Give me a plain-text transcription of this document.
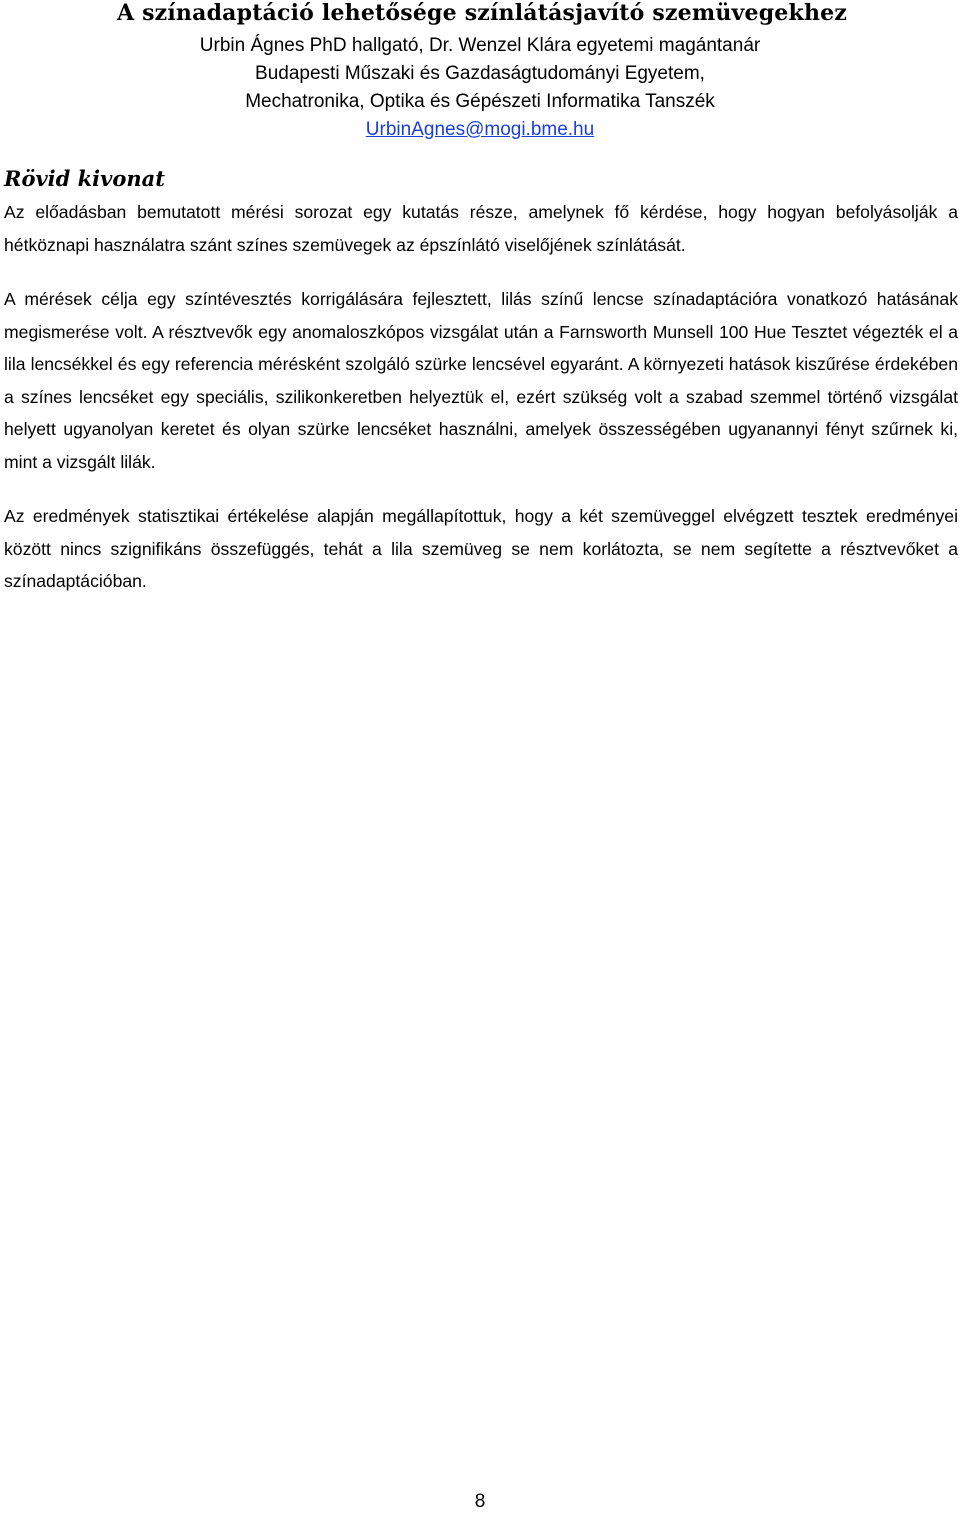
A színadaptáció lehetősége színlátásjavító szemüvegekhez

Urbin Ágnes PhD hallgató, Dr. Wenzel Klára egyetemi magántanár

Budapesti Műszaki és Gazdaságtudományi Egyetem,

Mechatronika, Optika és Gépészeti Informatika Tanszék

UrbinAgnes@mogi.bme.hu

Rövid kivonat

Az előadásban bemutatott mérési sorozat egy kutatás része, amelynek fő kérdése, hogy hogyan befolyásolják a hétköznapi használatra szánt színes szemüvegek az épszínlátó viselőjének színlátását.

A mérések célja egy színtévesztés korrigálására fejlesztett, lilás színű lencse színadaptációra vonatkozó hatásának megismerése volt. A résztvevők egy anomaloszkópos vizsgálat után a Farnsworth Munsell 100 Hue Tesztet végezték el a lila lencsékkel és egy referencia mérésként szolgáló szürke lencsével egyaránt. A környezeti hatások kiszűrése érdekében a színes lencséket egy speciális, szilikonkeretben helyeztük el, ezért szükség volt a szabad szemmel történő vizsgálat helyett ugyanolyan keretet és olyan szürke lencséket használni, amelyek összességében ugyanannyi fényt szűrnek ki, mint a vizsgált lilák.

Az eredmények statisztikai értékelése alapján megállapítottuk, hogy a két szemüveggel elvégzett tesztek eredményei között nincs szignifikáns összefüggés, tehát a lila szemüveg se nem korlátozta, se nem segítette a résztvevőket a színadaptációban.

8
